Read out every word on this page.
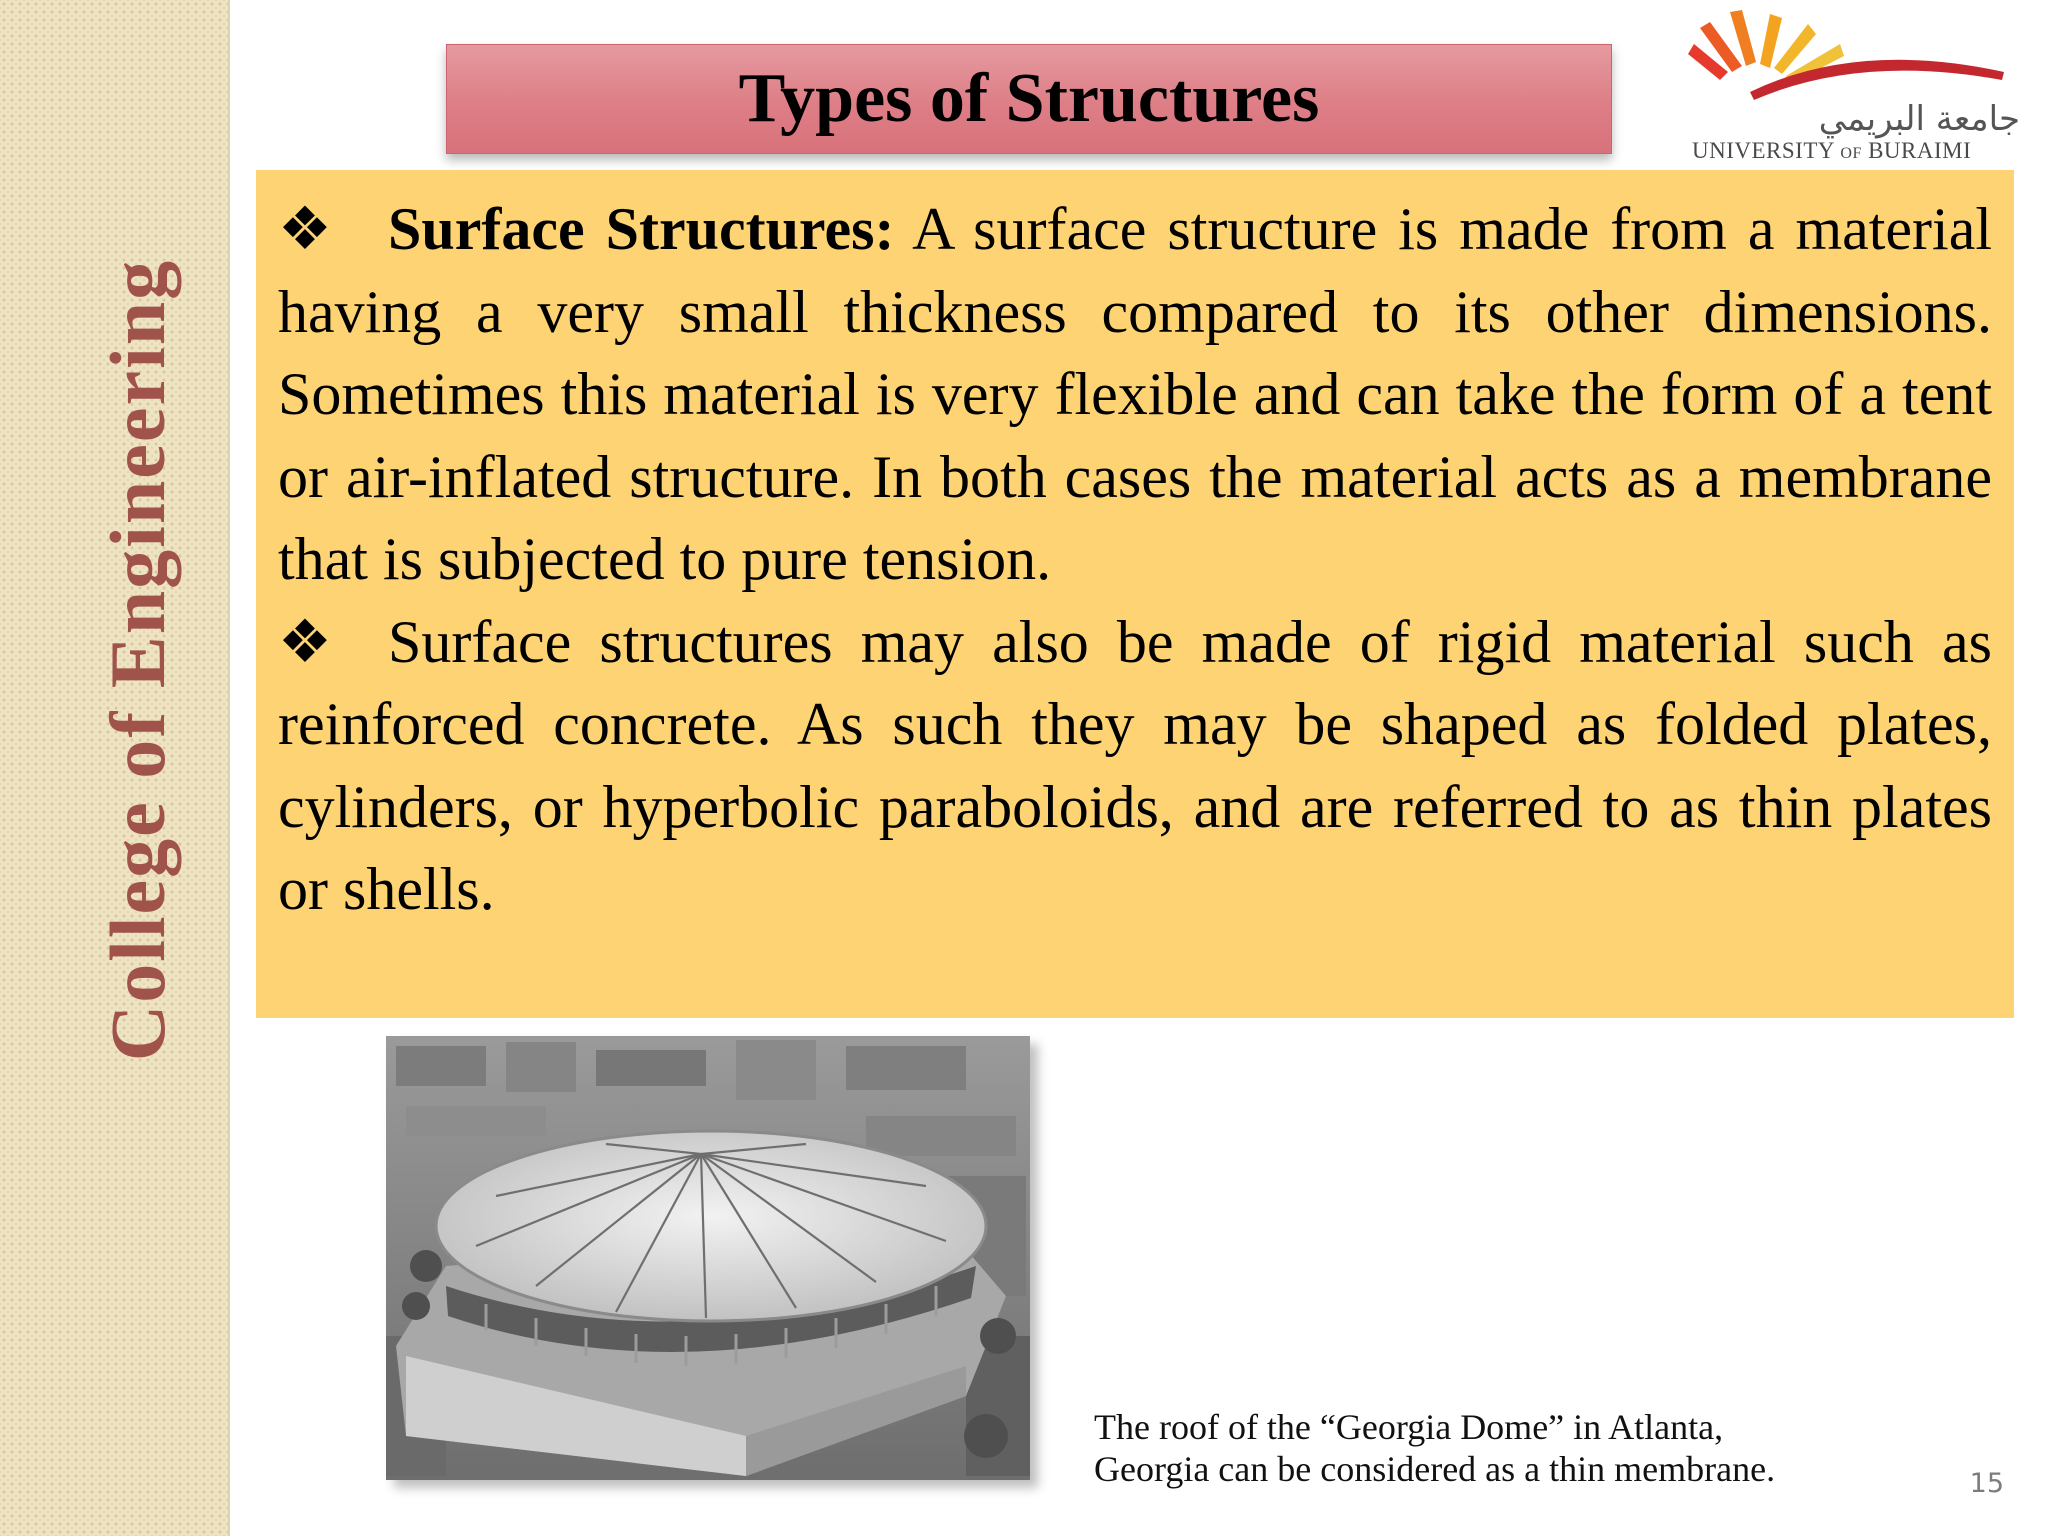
College of Engineering
Types of Structures	جامعة البريمي
UNIVERSITY OF BURAIMI

❖ Surface Structures: A surface structure is made from a material having a very small thickness compared to its other dimensions. Sometimes this material is very flexible and can take the form of a tent or air-inflated structure. In both cases the material acts as a membrane that is subjected to pure tension.

❖ Surface structures may also be made of rigid material such as reinforced concrete. As such they may be shaped as folded plates, cylinders, or hyperbolic paraboloids, and are referred to as thin plates or shells.

The roof of the “Georgia Dome” in Atlanta,
Georgia can be considered as a thin membrane.	15
